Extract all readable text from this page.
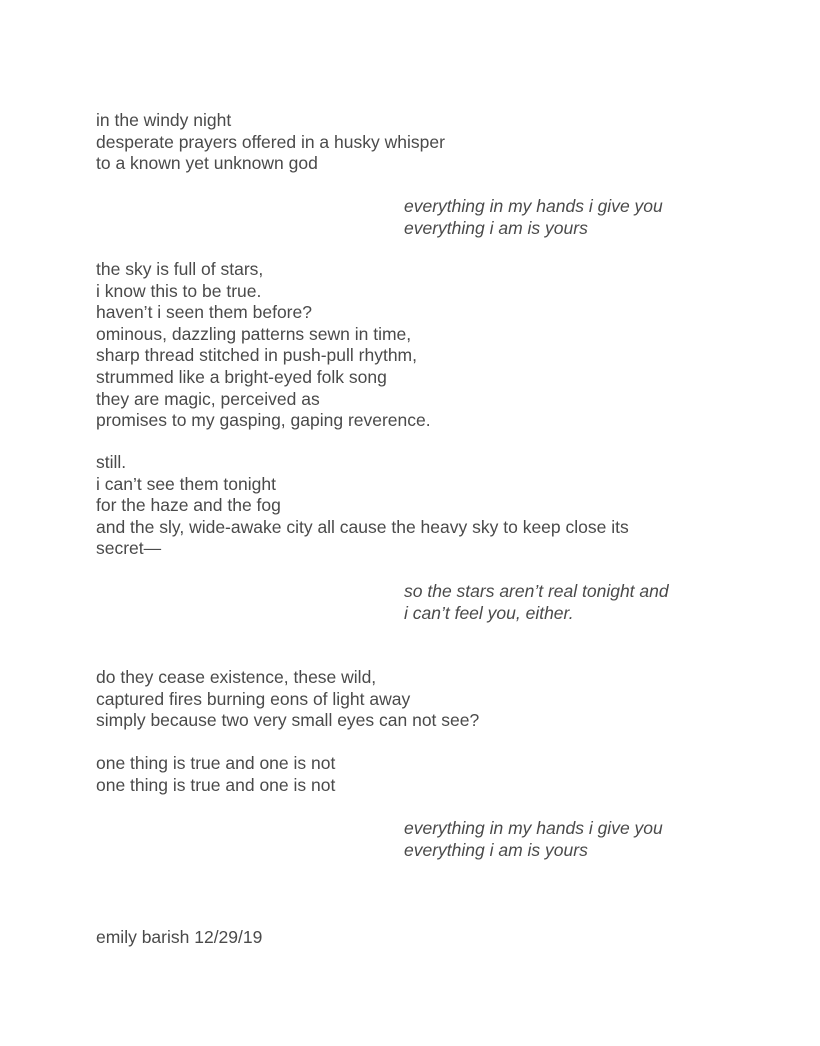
in the windy night
desperate prayers offered in a husky whisper
to a known yet unknown god
everything in my hands i give you
everything i am is yours
the sky is full of stars,
i know this to be true.
haven’t i seen them before?
ominous, dazzling patterns sewn in time,
sharp thread stitched in push-pull rhythm,
strummed like a bright-eyed folk song
they are magic, perceived as
promises to my gasping, gaping reverence.
still.
i can’t see them tonight
for the haze and the fog
and the sly, wide-awake city all cause the heavy sky to keep close its
secret—
so the stars aren’t real tonight and
i can’t feel you, either.
do they cease existence, these wild,
captured fires burning eons of light away
simply because two very small eyes can not see?
one thing is true and one is not
one thing is true and one is not
everything in my hands i give you
everything i am is yours
emily barish 12/29/19
